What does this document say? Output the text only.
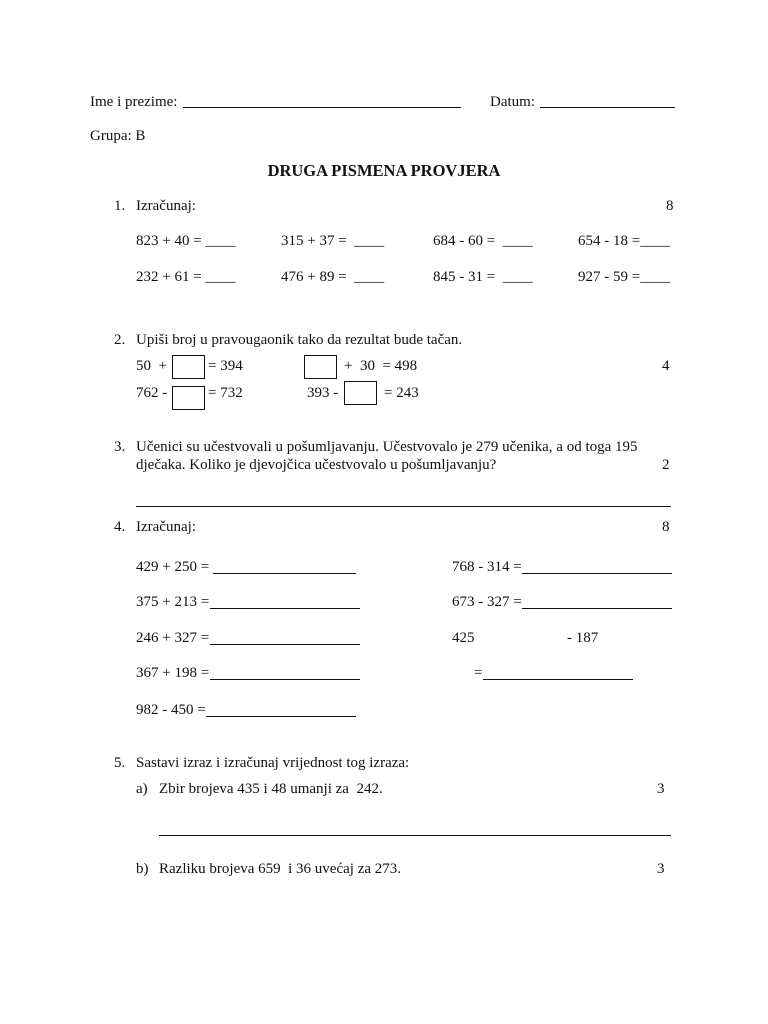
Ime i prezime:	Datum:
Grupa: B
DRUGA PISMENA PROVJERA
1. Izračunaj:	8
823 + 40 = ____	315 + 37 =  ____	684 - 60 =  ____	654 - 18 =____
232 + 61 = ____	476 + 89 =  ____	845 - 31 =  ____	927 - 59 =____
2. Upiši broj u pravougaonik tako da rezultat bude tačan.
50  +	= 394	+  30  = 498	4
762 -	= 732	393 -	= 243
3. Učenici su učestvovali u pošumljavanju. Učestvovalo je 279 učenika, a od toga 195
dječaka. Koliko je djevojčica učestvovalo u pošumljavanju?	2
4. Izračunaj:	8
429 + 250 =	768 - 314 =
375 + 213 =	673 - 327 =
246 + 327 =	425	- 187
367 + 198 =	=
982 - 450 =
5. Sastavi izraz i izračunaj vrijednost tog izraza:
a) Zbir brojeva 435 i 48 umanji za  242.	3
b) Razliku brojeva 659  i 36 uvećaj za 273.	3
